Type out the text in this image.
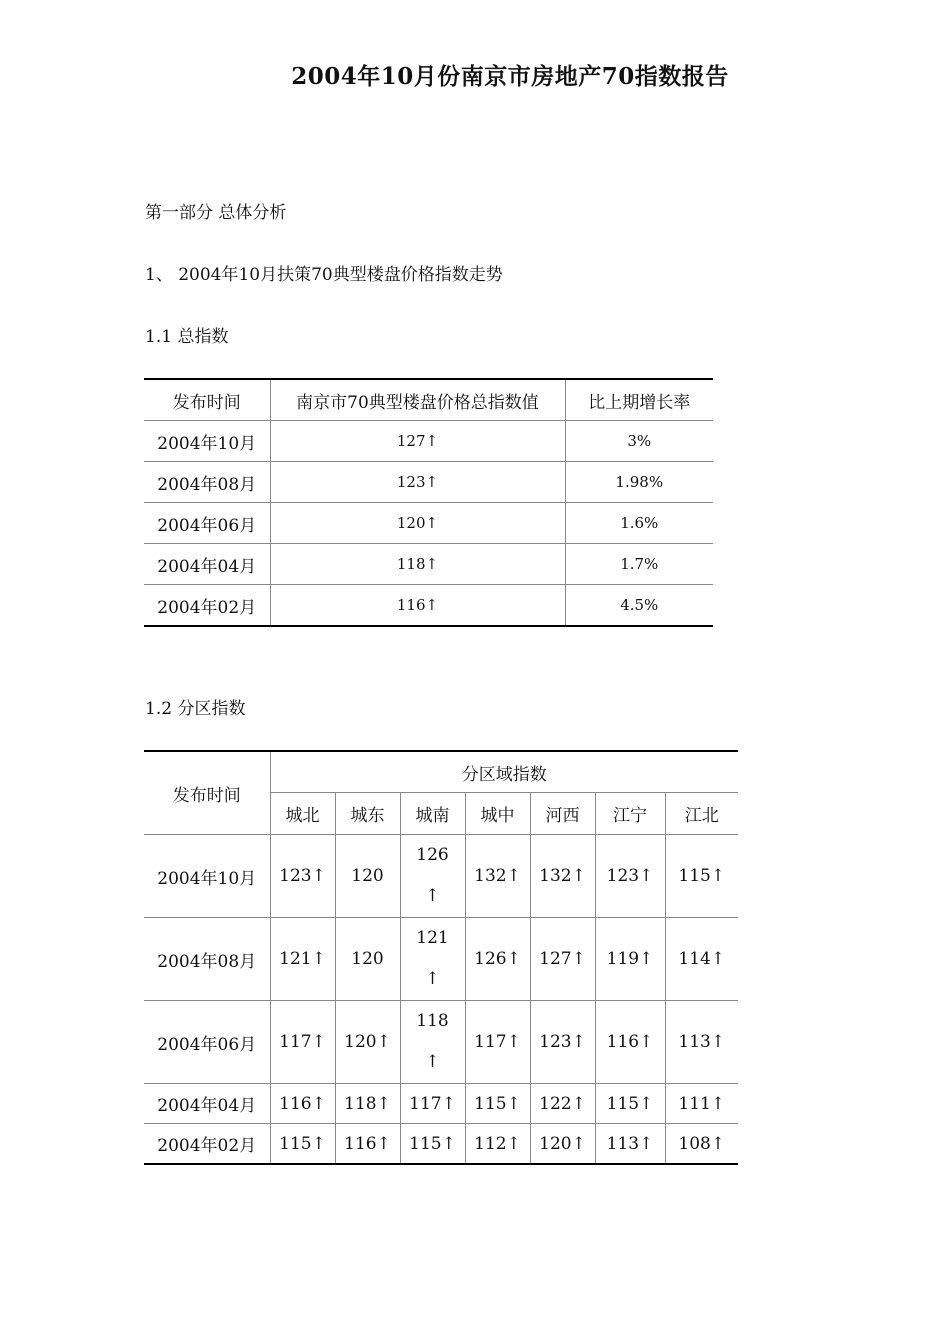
2004年10月份南京市房地产70指数报告
第一部分 总体分析
1、 2004年10月扶策70典型楼盘价格指数走势
1.1 总指数
发布时间	南京市70典型楼盘价格总指数值	比上期增长率
2004年10月	127↑	3%
2004年08月	123↑	1.98%
2004年06月	120↑	1.6%
2004年04月	118↑	1.7%
2004年02月	116↑	4.5%
1.2 分区指数
发布时间	分区域指数						
	城北	城东	城南	城中	河西	江宁	江北
2004年10月	123↑	120	126↑	132↑	132↑	123↑	115↑
2004年08月	121↑	120	121↑	126↑	127↑	119↑	114↑
2004年06月	117↑	120↑	118↑	117↑	123↑	116↑	113↑
2004年04月	116↑	118↑	117↑	115↑	122↑	115↑	111↑
2004年02月	115↑	116↑	115↑	112↑	120↑	113↑	108↑
